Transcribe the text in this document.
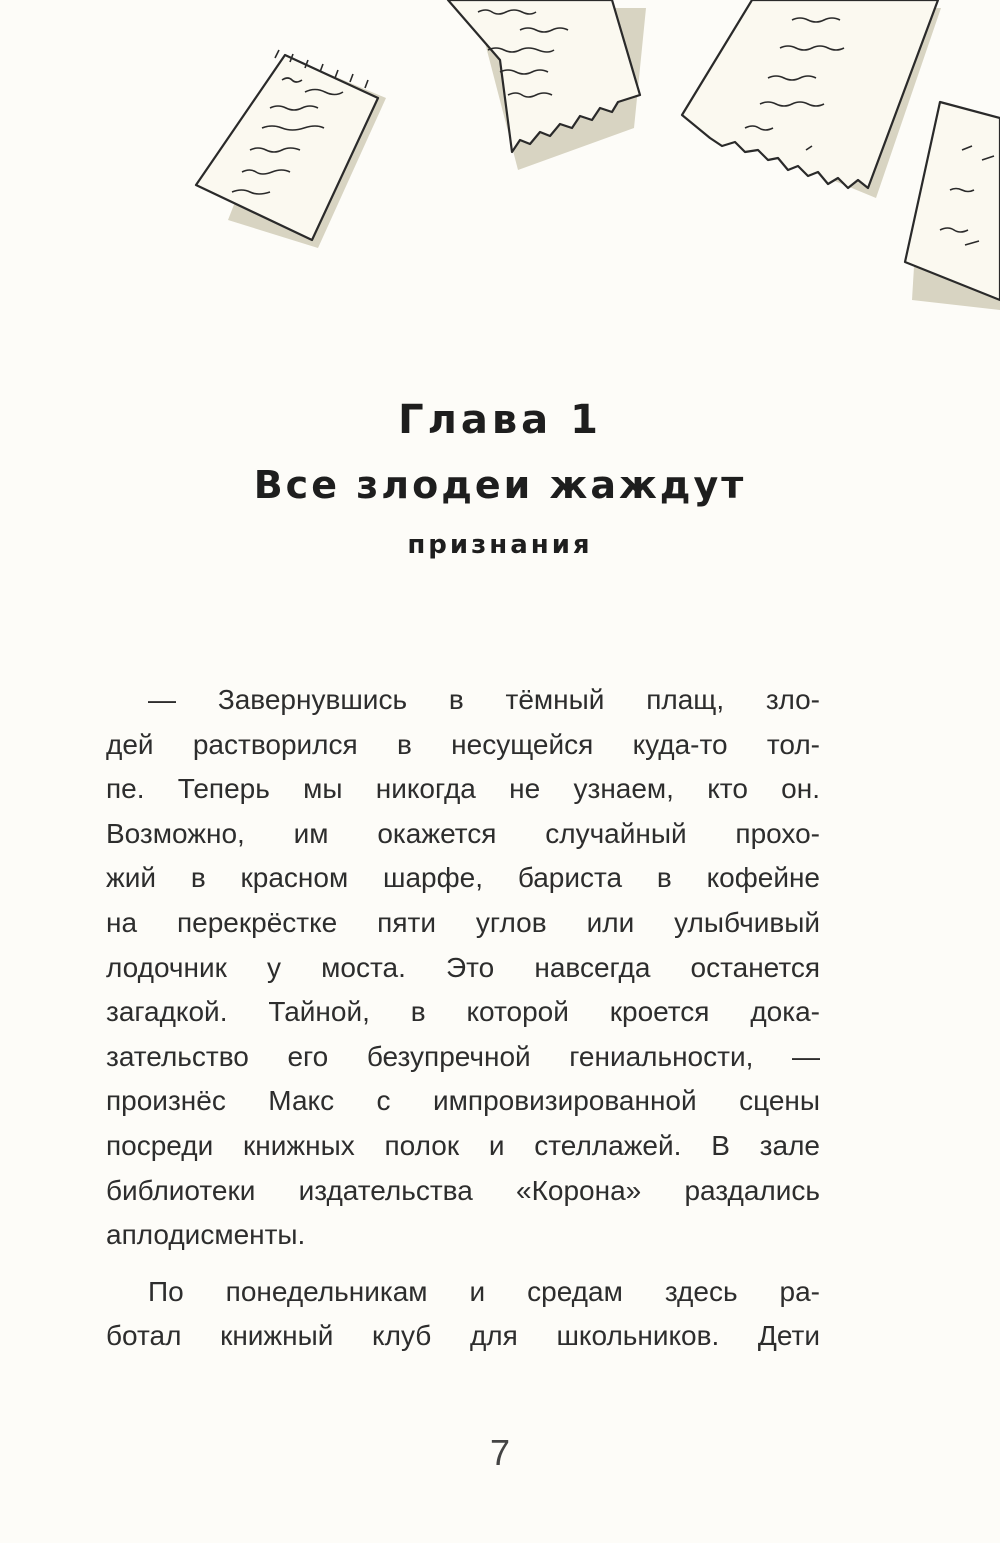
Глава 1
Все злодеи жаждут
признания
— Завернувшись в тёмный плащ, зло-
дей растворился в несущейся куда-то тол-
пе. Теперь мы никогда не узнаем, кто он.
Возможно, им окажется случайный прохо-
жий в красном шарфе, бариста в кофейне
на перекрёстке пяти углов или улыбчивый
лодочник у моста. Это навсегда останется
загадкой. Тайной, в которой кроется дока-
зательство его безупречной гениальности, —
произнёс Макс с импровизированной сцены
посреди книжных полок и стеллажей. В зале
библиотеки издательства «Корона» раздались
аплодисменты.
По понедельникам и средам здесь ра-
ботал книжный клуб для школьников. Дети
7
